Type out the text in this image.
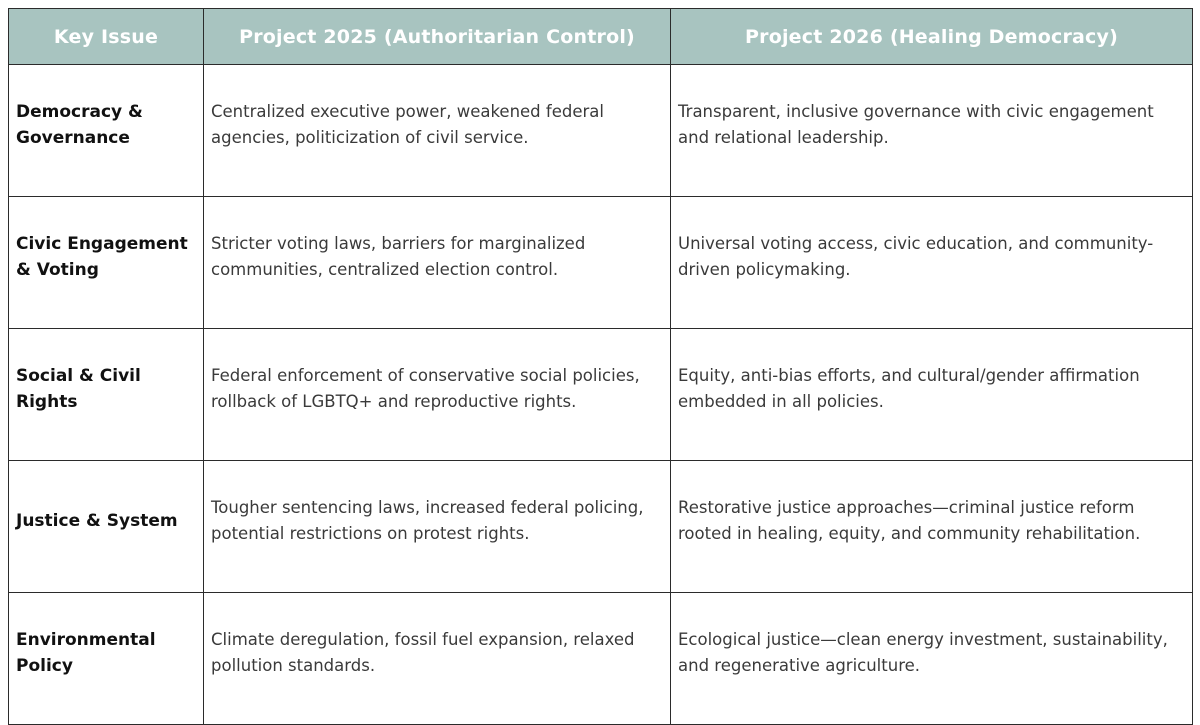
Key Issue	Project 2025 (Authoritarian Control)	Project 2026 (Healing Democracy)
Democracy & Governance	Centralized executive power, weakened federal agencies, politicization of civil service.	Transparent, inclusive governance with civic engagement and relational leadership.
Civic Engagement & Voting	Stricter voting laws, barriers for marginalized communities, centralized election control.	Universal voting access, civic education, and community-driven policymaking.
Social & Civil Rights	Federal enforcement of conservative social policies, rollback of LGBTQ+ and reproductive rights.	Equity, anti-bias efforts, and cultural/gender affirmation embedded in all policies.
Justice & System	Tougher sentencing laws, increased federal policing, potential restrictions on protest rights.	Restorative justice approaches—criminal justice reform rooted in healing, equity, and community rehabilitation.
Environmental Policy	Climate deregulation, fossil fuel expansion, relaxed pollution standards.	Ecological justice—clean energy investment, sustainability, and regenerative agriculture.
